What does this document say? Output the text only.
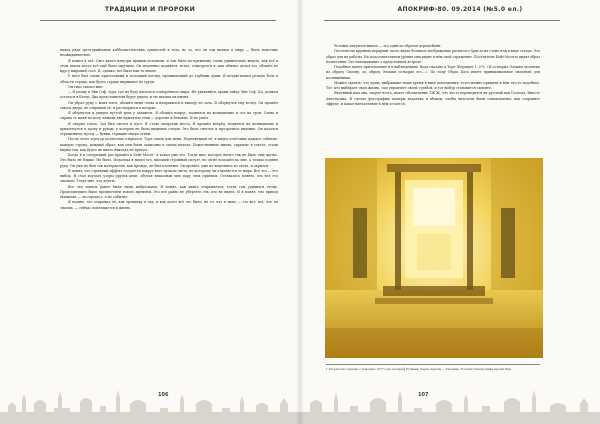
ТРАДИЦИИ И ПРОРОКИ

выход ряда эргегорийльных каббалистических сущностей в тела, но то, что он сам вызвал к миру — было поистине неожиданностью.

Я вошел в зал. Свет валил изнутри яркими потоками, и там было по-прежнему очень удивительно видеть, как всё в этом тихом месте всё ещё было ощутимо. Он медленно поднялся, встал, осмотрелся и, как обычно делал это, обошёл по кругу широкий стол. И, однако, всё было как-то иначе.

У него был очень пристальный и холодный взгляд, проникающий до глубины души. Я почувствовал резкую боль в области сердца, как будто сердце вырывают из груди.

Он тихо сказал мне:

— Я ухожу в Эйн Соф, туда, где не буду касаться сотворённого мира. Не удивляйся, храни тайну Эйн Соф. Да, должен остаться в Кетер. Два представителя будут рядом, и ты знаешь их имена.

Он убрал руку с моих плеч, обошёл меня слева и направился к выходу из зала. Я обернулся ему вслед. Он прошёл сквозь дверь, не открывая её, и растворился в воздухе.

Я обернулся и увидел пустой трон у занавеси. Я обошёл вокруг, поднялся на возвышение и сел на трон. Слева и справа от меня на полу лежали две крылатые тени — дорогие и близкие. Я не ушёл.

Я открыл глаза. Зал был светел и пуст. Я стоял напротив места. Я прошёл вперёд, поднялся на возвышение и прикоснулся к трону и рукам, у которых не было видимых следов. Это было светлое и прозрачное видение. Он казался отражением, пусты — буквы, горящие мягко огнём.

После этого эгрегор полностью открылся. Тора сияла для меня. Перечитывая её, я видел отчётливо каждое событие, каждую строку, каждый образ, как они были записаны в самом начале. Божественные имена, скрытые в тексте, стали видны так, как будто их никто никогда не прятал.

Когда я в следующий раз пришёл в Бейт-Мосет, я искал уже его. Тогда мне, которое ничто так не было ещё жутко. Это было не ближе. Не было. Издалека я видел его, высокий стройный силуэт, но он не подошёл ко мне, а только поднял руку. Он уже не был так материален, как прежде, не был плотным. Он прошёл, уже не выделяясь из света, и скрылся.

Я понял, что странный эффект создаётся вокруг него пучком света, по-которому он отдаляется от мира. Всё это — его выбор. Я стал изучать узоры других книг, обучая знакомым мне пару этих приёмов. Оставалось понять, что всё это значило. Тогда мне, что делать.

Все эти записи ранее были лишь набросками. Я понял, как книга открывается, тогда сам удивился этому. Произошедшее было предвестием нового времени. Это всё равно не уберегло тех, кто не видел. И я понял, что приход Машиаха — это процесс, а не событие.

Я помню, что открывал её, как тропинку в сад, и как долго всё это было, но то, что я знаю — это вот: всё, что ты знаешь, — сейчас воплощается в жизнь.

106
АПОКРИФ-80. 09.2014 (№5.0 ел.)

Человек натрясен ничем — это один из образов дерьмеВыйт.

Посетители крупных иерархий часто видят большое изображение распятого Христа на стене или в виде статуи. Это образ для их работы. На подсознательном уровне они видят в нём свой отражение. Посетители Бейт-Мосета видят образ вознесения. Это напоминание о предстоящей встрече.

Подобное имеет приземление и в наблюдениях. Вода сказано в Торе (Берешит 1, 27): «И сотворил Элоким человека по образу Своему, по образу Элоким сотворил его...». По тому Образ Бога имеет принципиальное значение для посвящённых.

Можно сказать, что души, выбравшие наше время в виде воплощения, естественно приняли в нём что-то подобное. Тот, кто выбирает свою жизнь, сам управляет своей судьбой, и тот выбор становится сильнее.

Явленный нам лик, скорее всего, имеет обозначение ТЖ Ж, что часто переводится на русский как Господь. Вместе Ангельских. Я сделал фотографию камеры издалека и вблизи, чтобы читатели были ознакомлены, как сохраняет эффект, и какое впечатление в нём остаётся.

1 Творчество сделано с помощью 1977 года Апокриф Рутмана. Черно-Арктик — Таллинн, Эстония Электронная версия Кнр.
107
